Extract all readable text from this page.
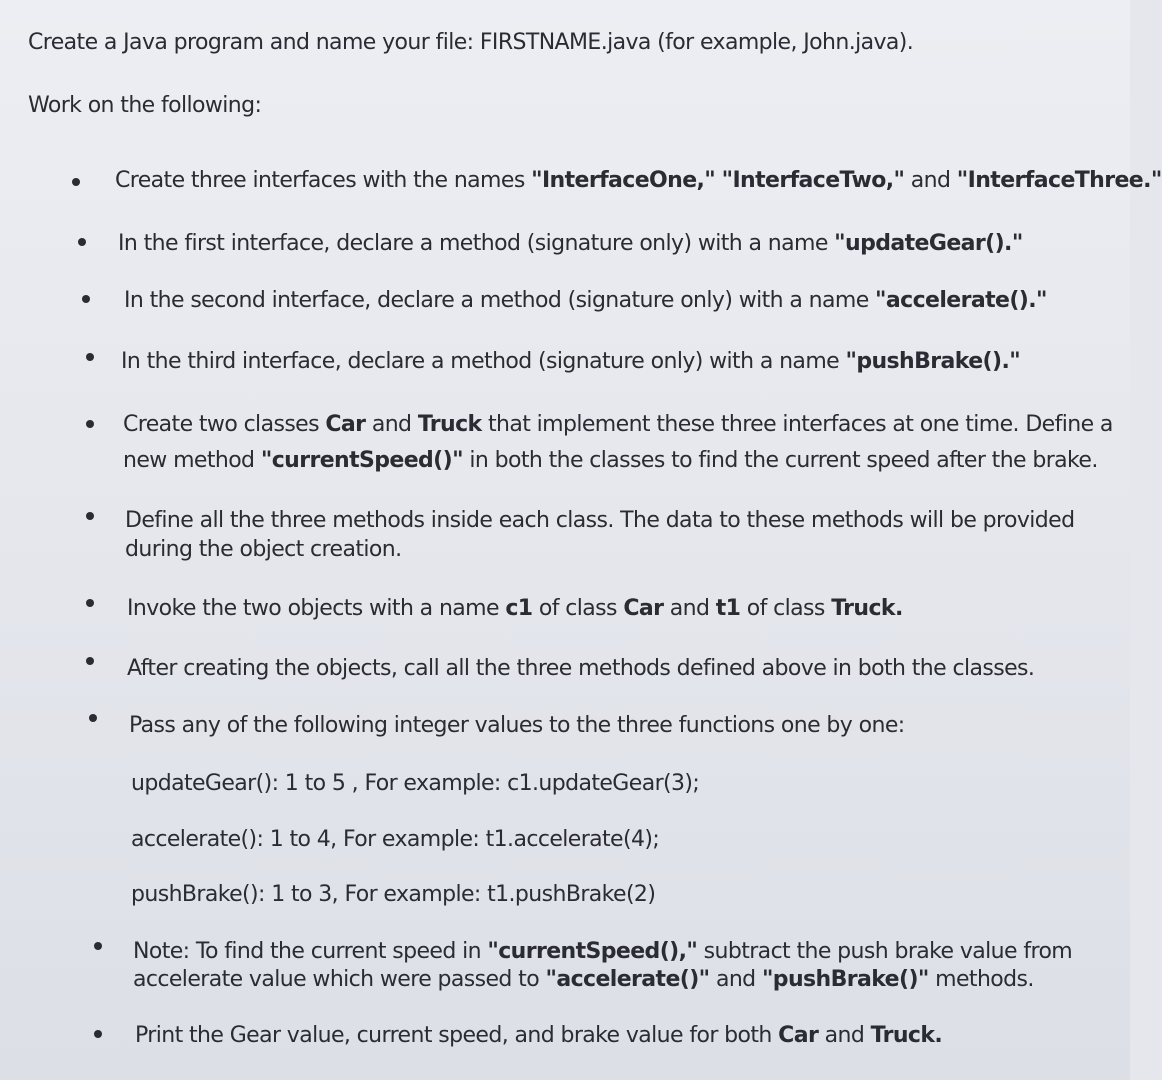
Create a Java program and name your file: FIRSTNAME.java (for example, John.java).
Work on the following:
Create three interfaces with the names "InterfaceOne," "InterfaceTwo," and "InterfaceThree."
In the first interface, declare a method (signature only) with a name "updateGear()."
In the second interface, declare a method (signature only) with a name "accelerate()."
In the third interface, declare a method (signature only) with a name "pushBrake()."
Create two classes Car and Truck that implement these three interfaces at one time. Define a
new method "currentSpeed()" in both the classes to find the current speed after the brake.
Define all the three methods inside each class. The data to these methods will be provided
during the object creation.
Invoke the two objects with a name c1 of class Car and t1 of class Truck.
After creating the objects, call all the three methods defined above in both the classes.
Pass any of the following integer values to the three functions one by one:
updateGear(): 1 to 5 , For example: c1.updateGear(3);
accelerate(): 1 to 4, For example: t1.accelerate(4);
pushBrake(): 1 to 3, For example: t1.pushBrake(2)
Note: To find the current speed in "currentSpeed()," subtract the push brake value from
accelerate value which were passed to "accelerate()" and "pushBrake()" methods.
Print the Gear value, current speed, and brake value for both Car and Truck.
